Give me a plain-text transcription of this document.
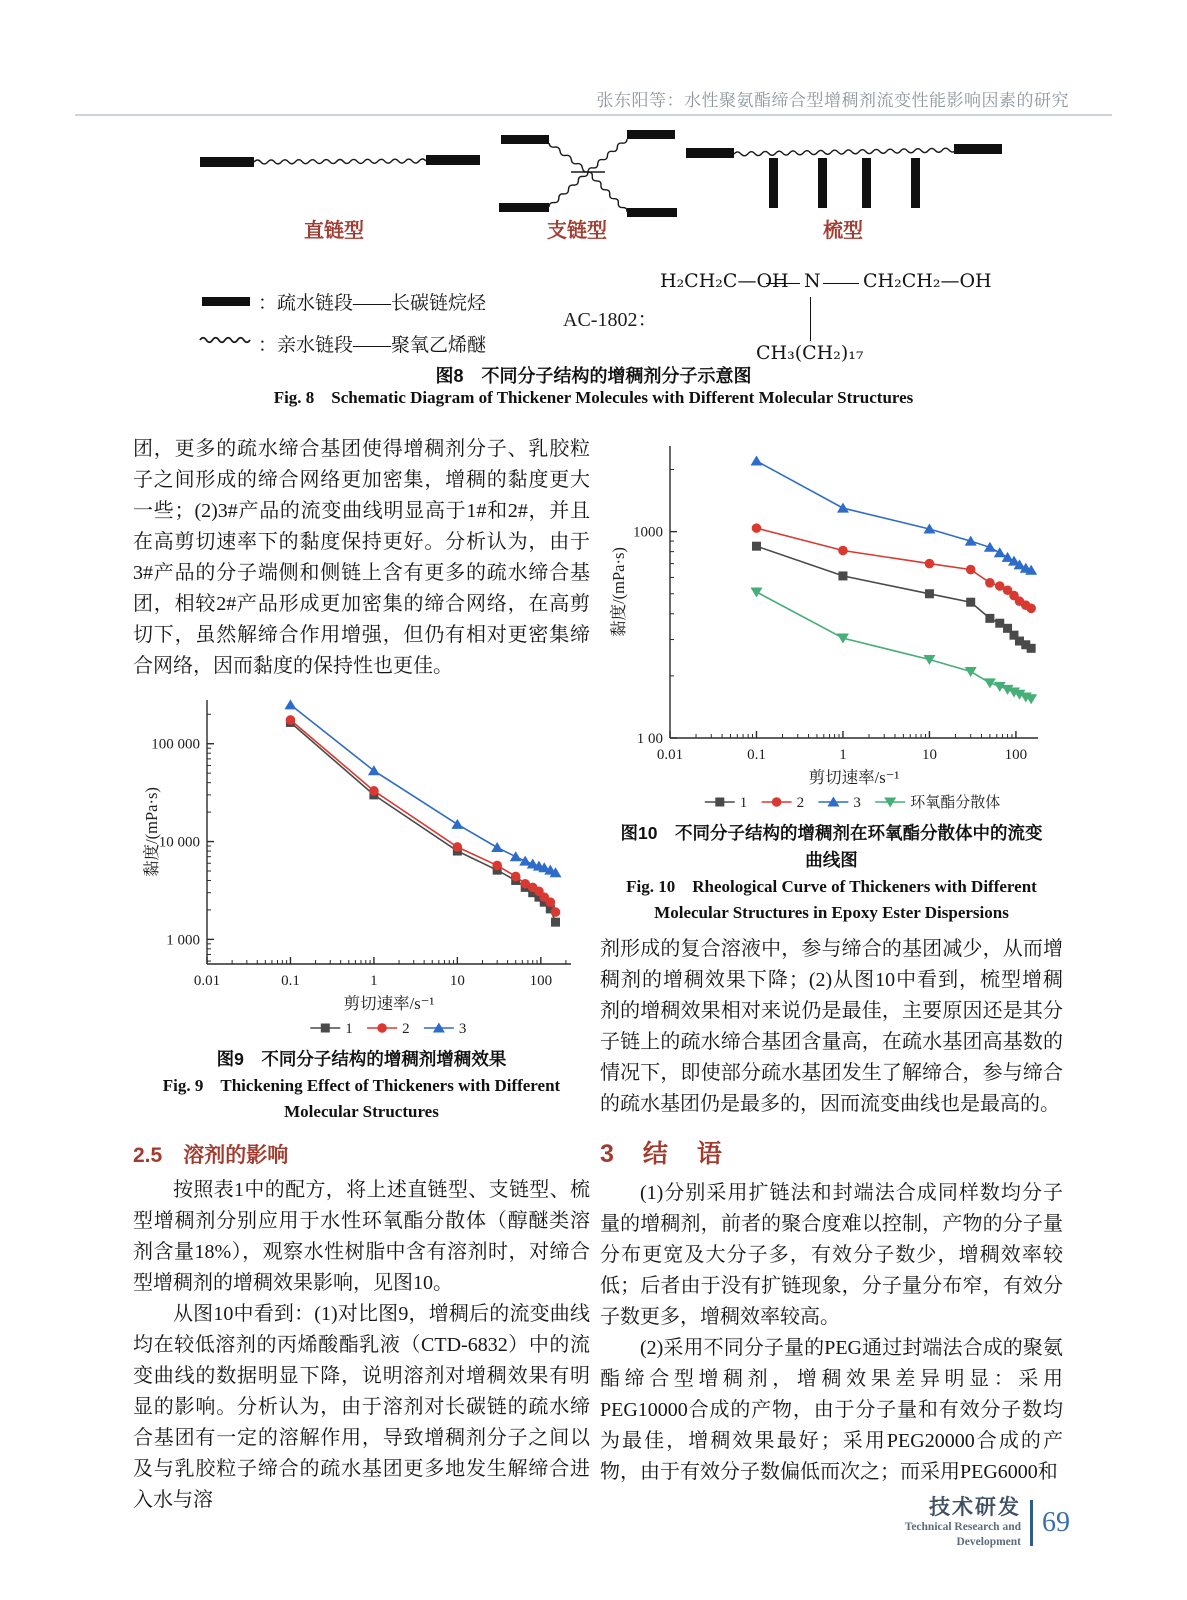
张东阳等：水性聚氨酯缔合型增稠剂流变性能影响因素的研究
直链型	支链型	梳型
：疏水链段——长碳链烷烃
：亲水链段——聚氧乙烯醚
AC-1802：
H₂CH₂C—OH N CH₂CH₂—OH
CH₃(CH₂)₁₇
图8　不同分子结构的增稠剂分子示意图
Fig. 8  Schematic Diagram of Thickener Molecules with Different Molecular Structures
团，更多的疏水缔合基团使得增稠剂分子、乳胶粒子之间形成的缔合网络更加密集，增稠的黏度更大一些；(2)3#产品的流变曲线明显高于1#和2#，并且在高剪切速率下的黏度保持更好。分析认为，由于3#产品的分子端侧和侧链上含有更多的疏水缔合基团，相较2#产品形成更加密集的缔合网络，在高剪切下，虽然解缔合作用增强，但仍有相对更密集缔合网络，因而黏度的保持性也更佳。
0.01	0.1	1	10	100
1 000
10 000
100 000
剪切速率/s⁻¹
黏度/(mPa·s)
1	2	3
图9　不同分子结构的增稠剂增稠效果
Fig. 9  Thickening Effect of Thickeners with Different
Molecular Structures
2.5　溶剂的影响
按照表1中的配方，将上述直链型、支链型、梳型增稠剂分别应用于水性环氧酯分散体（醇醚类溶剂含量18%），观察水性树脂中含有溶剂时，对缔合型增稠剂的增稠效果影响，见图10。
从图10中看到：(1)对比图9，增稠后的流变曲线均在较低溶剂的丙烯酸酯乳液（CTD-6832）中的流变曲线的数据明显下降，说明溶剂对增稠效果有明显的影响。分析认为，由于溶剂对长碳链的疏水缔合基团有一定的溶解作用，导致增稠剂分子之间以及与乳胶粒子缔合的疏水基团更多地发生解缔合进入水与溶
0.01	0.1	1	10	100
1 00
1000
剪切速率/s⁻¹
黏度/(mPa·s)
1	2	3	环氧酯分散体
图10　不同分子结构的增稠剂在环氧酯分散体中的流变
曲线图
Fig. 10  Rheological Curve of Thickeners with Different
Molecular Structures in Epoxy Ester Dispersions
剂形成的复合溶液中，参与缔合的基团减少，从而增稠剂的增稠效果下降；(2)从图10中看到，梳型增稠剂的增稠效果相对来说仍是最佳，主要原因还是其分子链上的疏水缔合基团含量高，在疏水基团高基数的情况下，即使部分疏水基团发生了解缔合，参与缔合的疏水基团仍是最多的，因而流变曲线也是最高的。
3　结　语
(1)分别采用扩链法和封端法合成同样数均分子量的增稠剂，前者的聚合度难以控制，产物的分子量分布更宽及大分子多，有效分子数少，增稠效率较低；后者由于没有扩链现象，分子量分布窄，有效分子数更多，增稠效率较高。
(2)采用不同分子量的PEG通过封端法合成的聚氨酯缔合型增稠剂，增稠效果差异明显：采用PEG10000合成的产物，由于分子量和有效分子数均为最佳，增稠效果最好；采用PEG20000合成的产物，由于有效分子数偏低而次之；而采用PEG6000和
技术研发
Technical Research and Development
69
